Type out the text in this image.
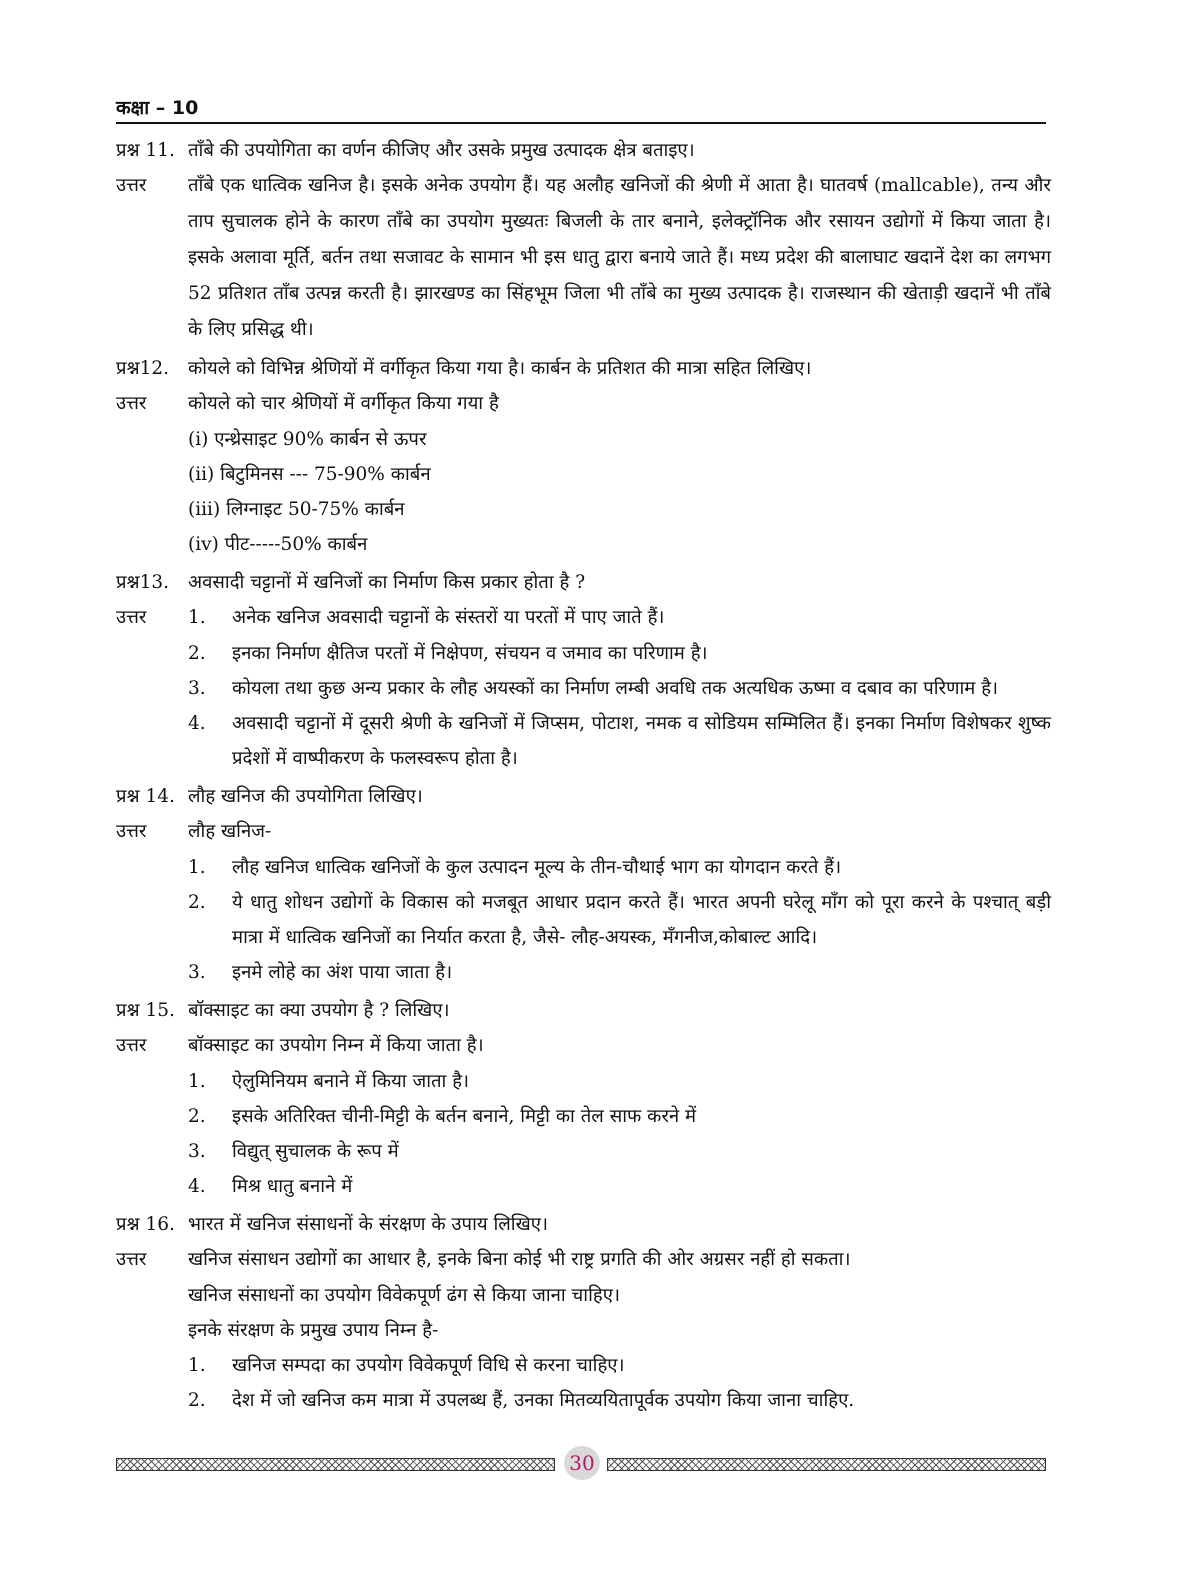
कक्षा – 10
प्रश्न 11. ताँबे की उपयोगिता का वर्णन कीजिए और उसके प्रमुख उत्पादक क्षेत्र बताइए।
उत्तर	ताँबे एक धात्विक खनिज है। इसके अनेक उपयोग हैं। यह अलौह खनिजों की श्रेणी में आता है। घातवर्ष (mallcable), तन्य और ताप सुचालक होने के कारण ताँबे का उपयोग मुख्यतः बिजली के तार बनाने, इलेक्ट्रॉनिक और रसायन उद्योगों में किया जाता है। इसके अलावा मूर्ति, बर्तन तथा सजावट के सामान भी इस धातु द्वारा बनाये जाते हैं। मध्य प्रदेश की बालाघाट खदानें देश का लगभग 52 प्रतिशत ताँब उत्पन्न करती है। झारखण्ड का सिंहभूम जिला भी ताँबे का मुख्य उत्पादक है। राजस्थान की खेताड़ी खदानें भी ताँबे के लिए प्रसिद्ध थी।
प्रश्न12.	कोयले को विभिन्न श्रेणियों में वर्गीकृत किया गया है। कार्बन के प्रतिशत की मात्रा सहित लिखिए।
उत्तर	कोयले को चार श्रेणियों में वर्गीकृत किया गया है
(i) एन्थ्रेसाइट 90% कार्बन से ऊपर
(ii) बिटुमिनस --- 75-90% कार्बन
(iii) लिग्नाइट 50-75% कार्बन
(iv) पीट-----50% कार्बन
प्रश्न13.	अवसादी चट्टानों में खनिजों का निर्माण किस प्रकार होता है ?
उत्तर	1.	अनेक खनिज अवसादी चट्टानों के संस्तरों या परतों में पाए जाते हैं।
2.	इनका निर्माण क्षैतिज परतों में निक्षेपण, संचयन व जमाव का परिणाम है।
3.	कोयला तथा कुछ अन्य प्रकार के लौह अयस्कों का निर्माण लम्बी अवधि तक अत्यधिक ऊष्मा व दबाव का परिणाम है।
4.	अवसादी चट्टानों में दूसरी श्रेणी के खनिजों में जिप्सम, पोटाश, नमक व सोडियम सम्मिलित हैं। इनका निर्माण विशेषकर शुष्क प्रदेशों में वाष्पीकरण के फलस्वरूप होता है।
प्रश्न 14. लौह खनिज की उपयोगिता लिखिए।
उत्तर	लौह खनिज-
1.	लौह खनिज धात्विक खनिजों के कुल उत्पादन मूल्य के तीन-चौथाई भाग का योगदान करते हैं।
2.	ये धातु शोधन उद्योगों के विकास को मजबूत आधार प्रदान करते हैं। भारत अपनी घरेलू माँग को पूरा करने के पश्चात् बड़ी मात्रा में धात्विक खनिजों का निर्यात करता है, जैसे- लौह-अयस्क, मँगनीज,कोबाल्ट आदि।
3.	इनमे लोहे का अंश पाया जाता है।
प्रश्न 15. बॉक्साइट का क्या उपयोग है ? लिखिए।
उत्तर	बॉक्साइट का उपयोग निम्न में किया जाता है।
1.	ऐलुमिनियम बनाने में किया जाता है।
2.	इसके अतिरिक्त चीनी-मिट्टी के बर्तन बनाने, मिट्टी का तेल साफ करने में
3.	विद्युत् सुचालक के रूप में
4.	मिश्र धातु बनाने में
प्रश्न 16. भारत में खनिज संसाधनों के संरक्षण के उपाय लिखिए।
उत्तर	खनिज संसाधन उद्योगों का आधार है, इनके बिना कोई भी राष्ट्र प्रगति की ओर अग्रसर नहीं हो सकता।
खनिज संसाधनों का उपयोग विवेकपूर्ण ढंग से किया जाना चाहिए।
इनके संरक्षण के प्रमुख उपाय निम्न है-
1.	खनिज सम्पदा का उपयोग विवेकपूर्ण विधि से करना चाहिए।
2.	देश में जो खनिज कम मात्रा में उपलब्ध हैं, उनका मितव्ययितापूर्वक उपयोग किया जाना चाहिए.
30
